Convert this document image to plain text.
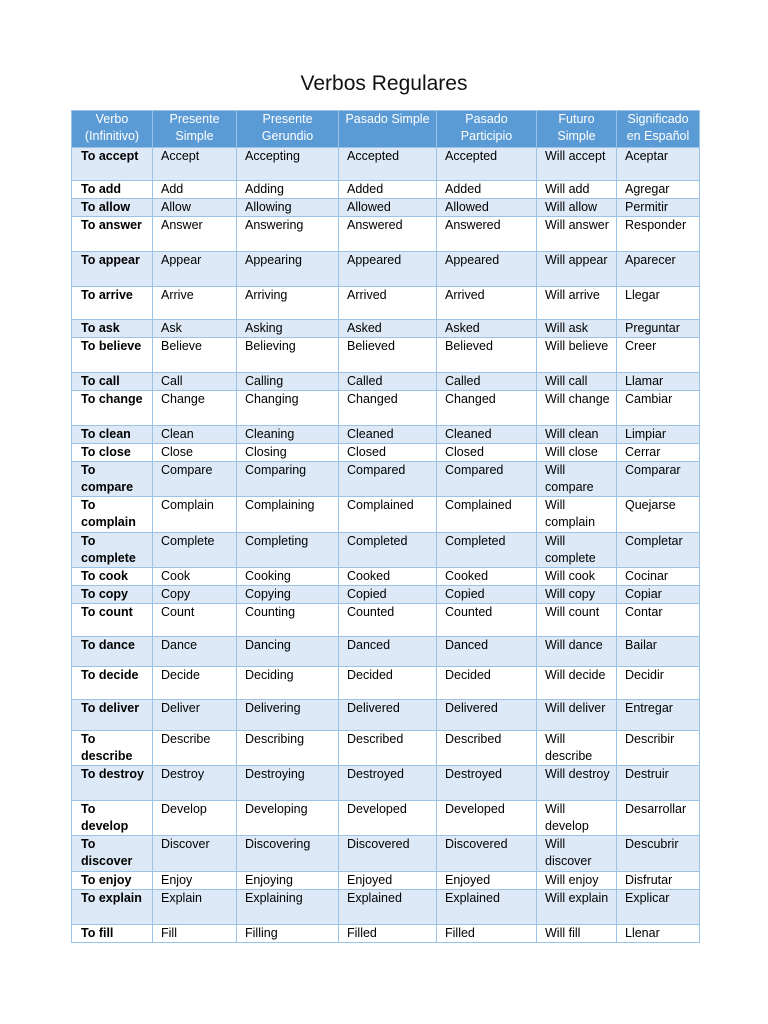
Verbos Regulares
Verbo (Infinitivo)	Presente Simple	Presente Gerundio	Pasado Simple	Pasado Participio	Futuro Simple	Significado en Español
To accept	Accept	Accepting	Accepted	Accepted	Will accept	Aceptar
To add	Add	Adding	Added	Added	Will add	Agregar
To allow	Allow	Allowing	Allowed	Allowed	Will allow	Permitir
To answer	Answer	Answering	Answered	Answered	Will answer	Responder
To appear	Appear	Appearing	Appeared	Appeared	Will appear	Aparecer
To arrive	Arrive	Arriving	Arrived	Arrived	Will arrive	Llegar
To ask	Ask	Asking	Asked	Asked	Will ask	Preguntar
To believe	Believe	Believing	Believed	Believed	Will believe	Creer
To call	Call	Calling	Called	Called	Will call	Llamar
To change	Change	Changing	Changed	Changed	Will change	Cambiar
To clean	Clean	Cleaning	Cleaned	Cleaned	Will clean	Limpiar
To close	Close	Closing	Closed	Closed	Will close	Cerrar
To compare	Compare	Comparing	Compared	Compared	Will compare	Comparar
To complain	Complain	Complaining	Complained	Complained	Will complain	Quejarse
To complete	Complete	Completing	Completed	Completed	Will complete	Completar
To cook	Cook	Cooking	Cooked	Cooked	Will cook	Cocinar
To copy	Copy	Copying	Copied	Copied	Will copy	Copiar
To count	Count	Counting	Counted	Counted	Will count	Contar
To dance	Dance	Dancing	Danced	Danced	Will dance	Bailar
To decide	Decide	Deciding	Decided	Decided	Will decide	Decidir
To deliver	Deliver	Delivering	Delivered	Delivered	Will deliver	Entregar
To describe	Describe	Describing	Described	Described	Will describe	Describir
To destroy	Destroy	Destroying	Destroyed	Destroyed	Will destroy	Destruir
To develop	Develop	Developing	Developed	Developed	Will develop	Desarrollar
To discover	Discover	Discovering	Discovered	Discovered	Will discover	Descubrir
To enjoy	Enjoy	Enjoying	Enjoyed	Enjoyed	Will enjoy	Disfrutar
To explain	Explain	Explaining	Explained	Explained	Will explain	Explicar
To fill	Fill	Filling	Filled	Filled	Will fill	Llenar
